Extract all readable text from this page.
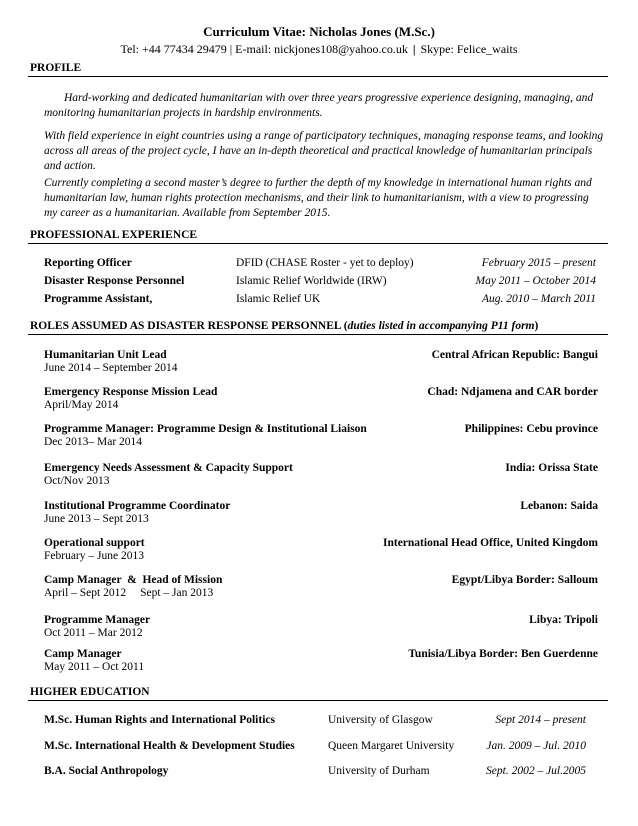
Curriculum Vitae: Nicholas Jones (M.Sc.)
Tel: +44 77434 29479 | E-mail: nickjones108@yahoo.co.uk | Skype: Felice_waits
PROFILE
Hard-working and dedicated humanitarian with over three years progressive experience designing, managing, and monitoring humanitarian projects in hardship environments.
With field experience in eight countries using a range of participatory techniques, managing response teams, and looking across all areas of the project cycle, I have an in-depth theoretical and practical knowledge of humanitarian principals and action.
Currently completing a second master’s degree to further the depth of my knowledge in international human rights and humanitarian law, human rights protection mechanisms, and their link to humanitarianism, with a view to progressing my career as a humanitarian. Available from September 2015.
PROFESSIONAL EXPERIENCE
Reporting Officer	DFID (CHASE Roster - yet to deploy)	February 2015 – present
Disaster Response Personnel	Islamic Relief Worldwide (IRW)	May 2011 – October 2014
Programme Assistant,	Islamic Relief UK	Aug. 2010 – March 2011
ROLES ASSUMED AS DISASTER RESPONSE PERSONNEL (duties listed in accompanying P11 form)
Humanitarian Unit Lead	Central African Republic: Bangui
June 2014 – September 2014
Emergency Response Mission Lead	Chad: Ndjamena and CAR border
April/May 2014
Programme Manager: Programme Design & Institutional Liaison	Philippines: Cebu province
Dec 2013– Mar 2014
Emergency Needs Assessment & Capacity Support	India: Orissa State
Oct/Nov 2013
Institutional Programme Coordinator	Lebanon: Saida
June 2013 – Sept 2013
Operational support	International Head Office, United Kingdom
February – June 2013
Camp Manager  &  Head of Mission	Egypt/Libya Border: Salloum
April – Sept 2012 Sept – Jan 2013
Programme Manager	Libya: Tripoli
Oct 2011 – Mar 2012
Camp Manager	Tunisia/Libya Border: Ben Guerdenne
May 2011 – Oct 2011
HIGHER EDUCATION
M.Sc. Human Rights and International Politics	University of Glasgow	Sept 2014 – present
M.Sc. International Health & Development Studies	Queen Margaret University	Jan. 2009 – Jul. 2010
B.A. Social Anthropology	University of Durham	Sept. 2002 – Jul.2005
